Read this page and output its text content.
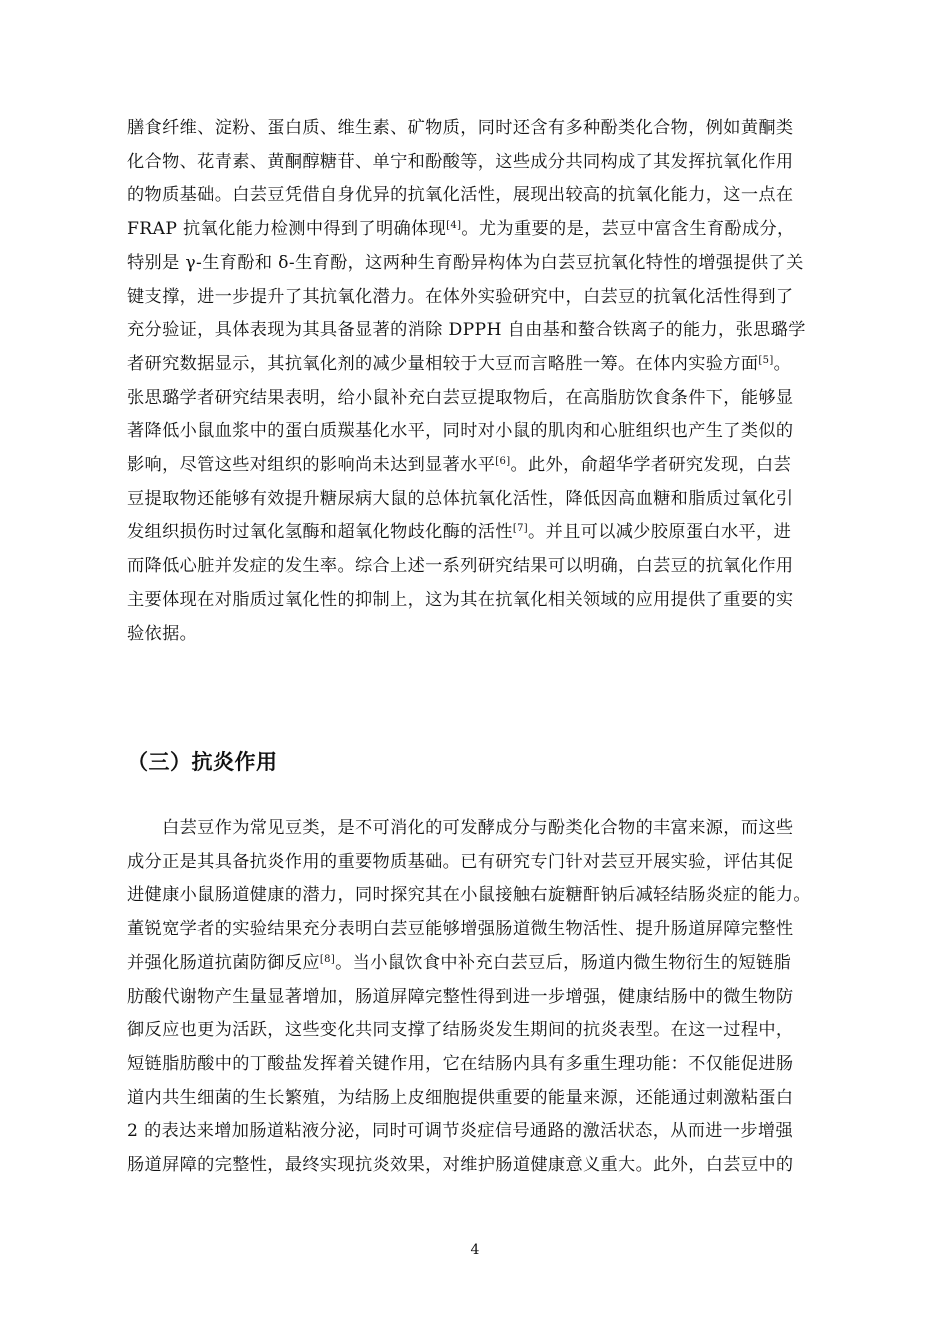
膳食纤维、淀粉、蛋白质、维生素、矿物质，同时还含有多种酚类化合物，例如黄酮类
化合物、花青素、黄酮醇糖苷、单宁和酚酸等，这些成分共同构成了其发挥抗氧化作用
的物质基础。白芸豆凭借自身优异的抗氧化活性，展现出较高的抗氧化能力，这一点在
FRAP 抗氧化能力检测中得到了明确体现[4]。尤为重要的是，芸豆中富含生育酚成分，
特别是 γ-生育酚和 δ-生育酚，这两种生育酚异构体为白芸豆抗氧化特性的增强提供了关
键支撑，进一步提升了其抗氧化潜力。在体外实验研究中，白芸豆的抗氧化活性得到了
充分验证，具体表现为其具备显著的消除 DPPH 自由基和螯合铁离子的能力，张思璐学
者研究数据显示，其抗氧化剂的减少量相较于大豆而言略胜一筹。在体内实验方面[5]。
张思璐学者研究结果表明，给小鼠补充白芸豆提取物后，在高脂肪饮食条件下，能够显
著降低小鼠血浆中的蛋白质羰基化水平，同时对小鼠的肌肉和心脏组织也产生了类似的
影响，尽管这些对组织的影响尚未达到显著水平[6]。此外，俞超华学者研究发现，白芸
豆提取物还能够有效提升糖尿病大鼠的总体抗氧化活性，降低因高血糖和脂质过氧化引
发组织损伤时过氧化氢酶和超氧化物歧化酶的活性[7]。并且可以减少胶原蛋白水平，进
而降低心脏并发症的发生率。综合上述一系列研究结果可以明确，白芸豆的抗氧化作用
主要体现在对脂质过氧化性的抑制上，这为其在抗氧化相关领域的应用提供了重要的实
验依据。
（三）抗炎作用
　　白芸豆作为常见豆类，是不可消化的可发酵成分与酚类化合物的丰富来源，而这些
成分正是其具备抗炎作用的重要物质基础。已有研究专门针对芸豆开展实验，评估其促
进健康小鼠肠道健康的潜力，同时探究其在小鼠接触右旋糖酐钠后减轻结肠炎症的能力。
董锐宽学者的实验结果充分表明白芸豆能够增强肠道微生物活性、提升肠道屏障完整性
并强化肠道抗菌防御反应[8]。当小鼠饮食中补充白芸豆后，肠道内微生物衍生的短链脂
肪酸代谢物产生量显著增加，肠道屏障完整性得到进一步增强，健康结肠中的微生物防
御反应也更为活跃，这些变化共同支撑了结肠炎发生期间的抗炎表型。在这一过程中，
短链脂肪酸中的丁酸盐发挥着关键作用，它在结肠内具有多重生理功能：不仅能促进肠
道内共生细菌的生长繁殖，为结肠上皮细胞提供重要的能量来源，还能通过刺激粘蛋白
2 的表达来增加肠道粘液分泌，同时可调节炎症信号通路的激活状态，从而进一步增强
肠道屏障的完整性，最终实现抗炎效果，对维护肠道健康意义重大。此外，白芸豆中的
4
